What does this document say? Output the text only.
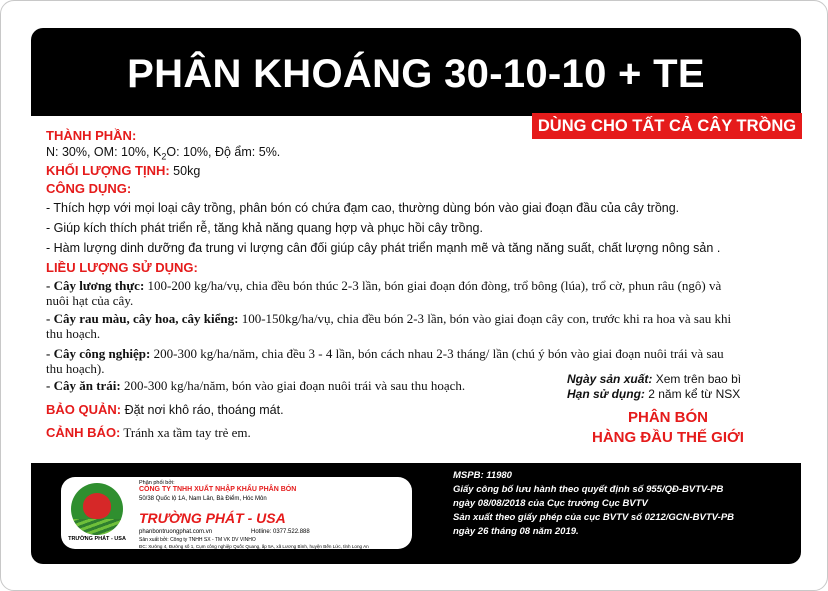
PHÂN KHOÁNG 30-10-10 + TE
DÙNG CHO TẤT CẢ CÂY TRỒNG
THÀNH PHẦN:
N: 30%, OM: 10%, $K_2O$: 10%, Độ ẩm: 5%.
KHỐI LƯỢNG TỊNH: 50kg
CÔNG DỤNG:
- Thích hợp với mọi loại cây trồng, phân bón có chứa đạm cao, thường dùng bón vào giai đoạn đầu của cây trồng.
- Giúp kích thích phát triển rễ, tăng khả năng quang hợp và phục hồi cây trồng.
- Hàm lượng dinh dưỡng đa trung vi lượng cân đối giúp cây phát triển mạnh mẽ và tăng năng suất, chất lượng nông sản .
LIỀU LƯỢNG SỬ DỤNG:
- Cây lương thực: 100-200 kg/ha/vụ, chia đều bón thúc 2-3 lần, bón giai đoạn đón đòng, trổ bông (lúa), trổ cờ, phun râu (ngô) và
nuôi hạt của cây.
- Cây rau màu, cây hoa, cây kiểng: 100-150kg/ha/vụ, chia đều bón 2-3 lần, bón vào giai đoạn cây con, trước khi ra hoa và sau khi
thu hoạch.
- Cây công nghiệp: 200-300 kg/ha/năm, chia đều 3 - 4 lần, bón cách nhau 2-3 tháng/ lần (chú ý bón vào giai đoạn nuôi trái và sau
thu hoạch).
- Cây ăn trái: 200-300 kg/ha/năm, bón vào giai đoạn nuôi trái và sau thu hoạch.
BẢO QUẢN: Đặt nơi khô ráo, thoáng mát.
CẢNH BÁO: Tránh xa tầm tay trẻ em.
Ngày sản xuất: Xem trên bao bì
Hạn sử dụng: 2 năm kể từ NSX
PHÂN BÓN
HÀNG ĐẦU THẾ GIỚI
TRƯỜNG PHÁT - USA
Phân phối bởi:
CÔNG TY TNHH XUẤT NHẬP KHẨU PHÂN BÓN
50/38 Quốc lộ 1A, Nam Lân, Bà Điểm, Hóc Môn
TRƯỜNG PHÁT - USA
phanbontruongphat.com.vn	Hotline: 0377.522.888
Sản xuất bởi: Công ty TNHH SX - TM VK DV VINHO
ĐC: Xưởng 4, Đường số 1, Cụm công nghiệp Quốc Quang, ấp 5A, xã Lương Bình, huyện Bến Lức, tỉnh Long An
MSPB: 11980
Giấy công bố lưu hành theo quyết định số 955/QĐ-BVTV-PB
ngày 08/08/2018 của Cục trưởng Cục BVTV
Sản xuất theo giấy phép của cục BVTV số 0212/GCN-BVTV-PB
ngày 26 tháng 08 năm 2019.
